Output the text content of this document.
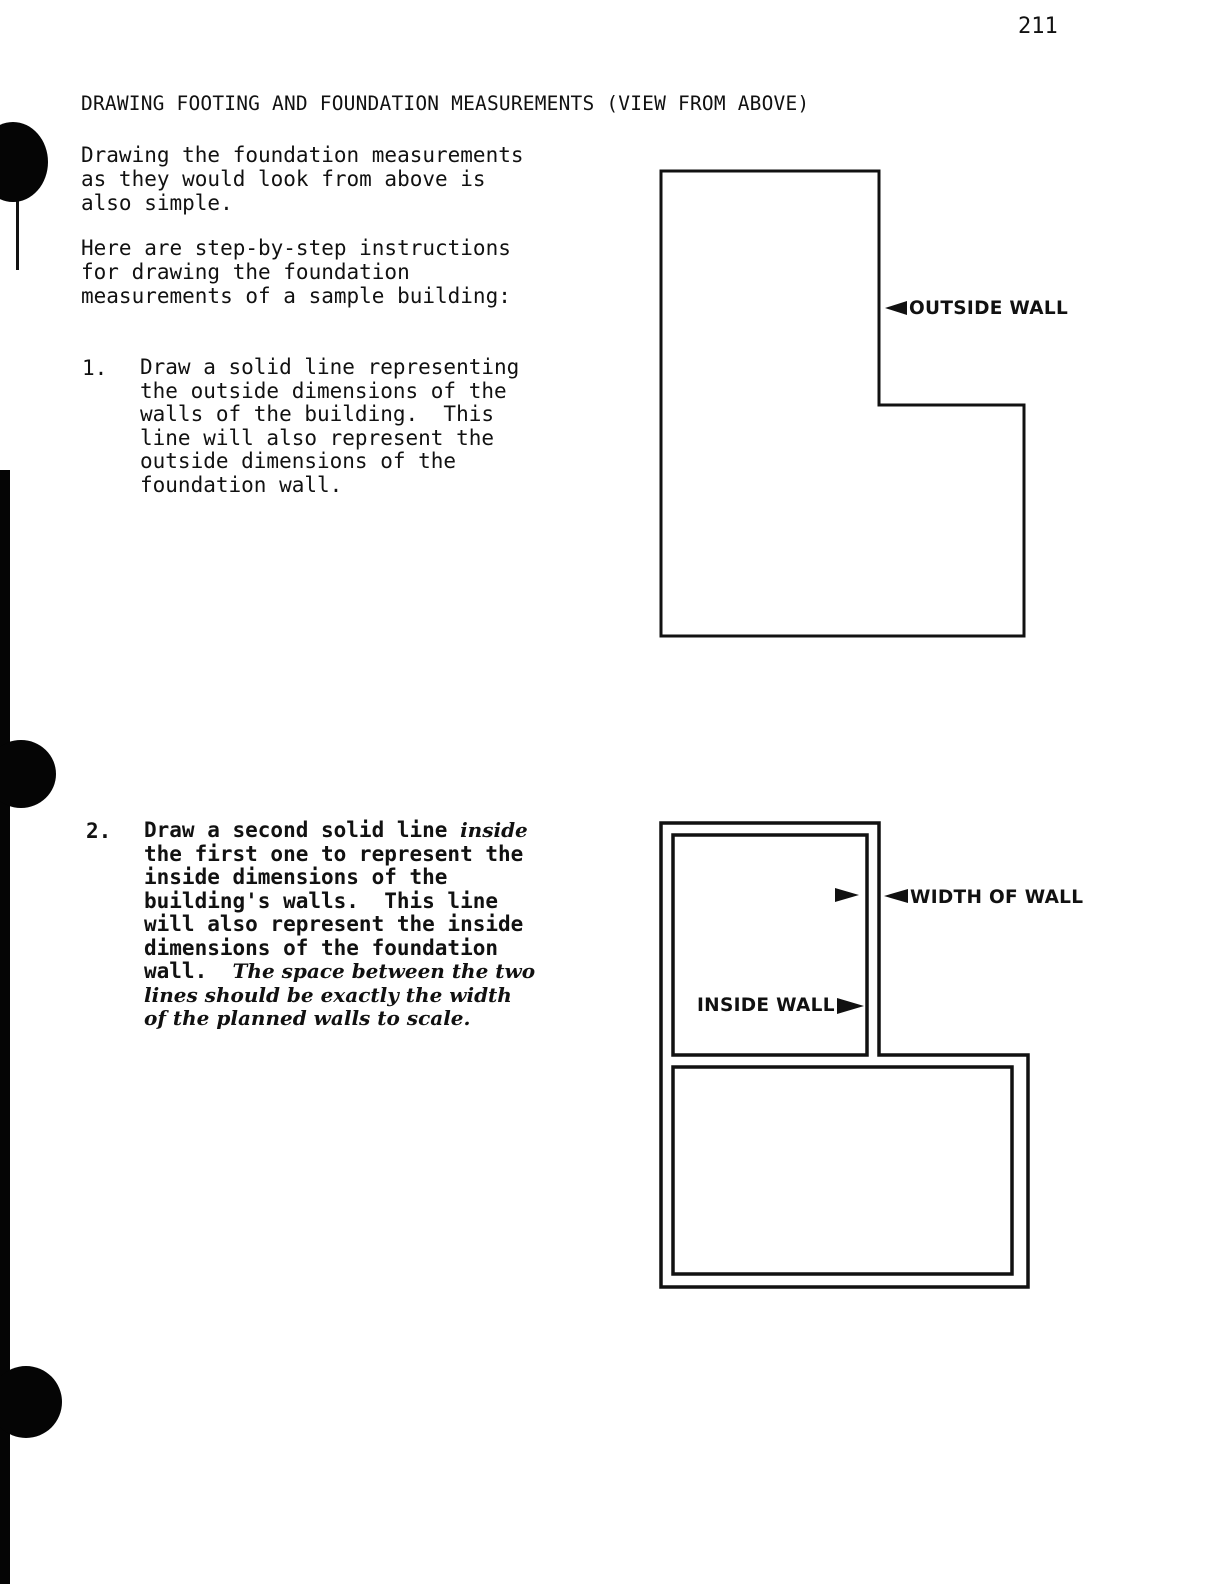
211
DRAWING FOOTING AND FOUNDATION MEASUREMENTS (VIEW FROM ABOVE)

Drawing the foundation measurements
as they would look from above is
also simple.

Here are step-by-step instructions
for drawing the foundation
measurements of a sample building:

1. Draw a solid line representing
the outside dimensions of the
walls of the building.  This
line will also represent the
outside dimensions of the
foundation wall.

2. Draw a second solid line inside
the first one to represent the
inside dimensions of the
building's walls.  This line
will also represent the inside
dimensions of the foundation
wall.  The space between the two
lines should be exactly the width
of the planned walls to scale.

OUTSIDE WALL
WIDTH OF WALL
INSIDE WALL
